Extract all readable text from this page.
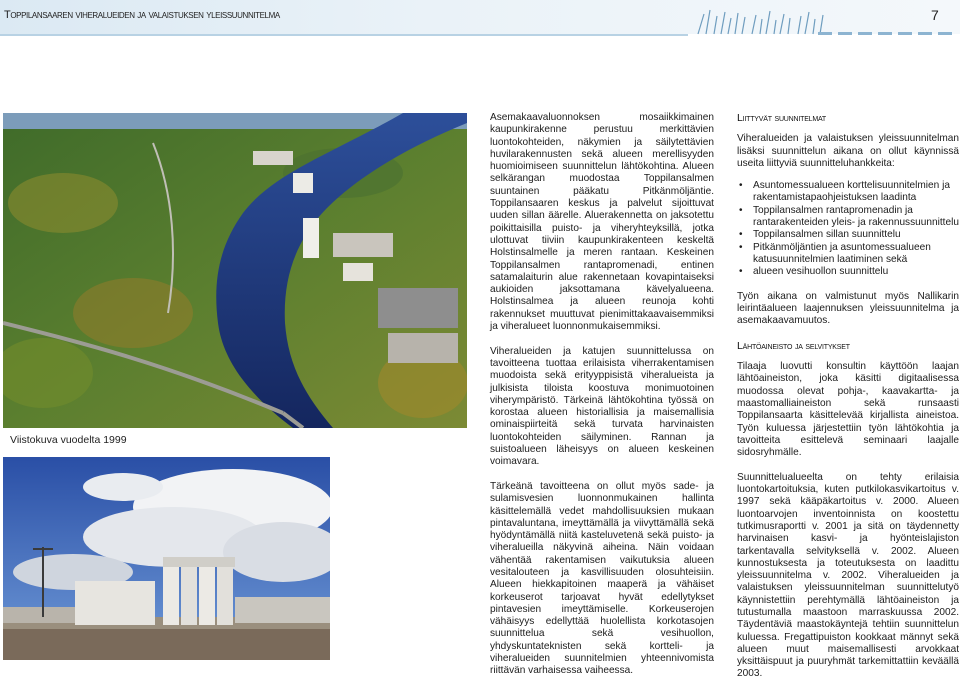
Toppilansaaren viheralueiden ja valaistuksen yleissuunnitelma	7
Viistokuva vuodelta 1999

Asemakaavaluonnoksen mosaiikkimainen kaupunkirakenne perustuu merkittävien luontokohteiden, näkymien ja säilytettävien huvilarakennusten sekä alueen merellisyyden huomioimiseen suunnittelun lähtökohtina. Alueen selkärangan muodostaa Toppilansalmen suuntainen pääkatu Pitkänmöljäntie. Toppilansaaren keskus ja palvelut sijoittuvat uuden sillan äärelle. Aluerakennetta on jaksotettu poikittaisilla puisto- ja viheryhteyksillä, jotka ulottuvat tiiviin kaupunkirakenteen keskeltä Holstinsalmelle ja meren rantaan. Keskeinen Toppilansalmen rantapromenadi, entinen satamalaiturin alue rakennetaan kovapintaiseksi aukioiden jaksottamana kävelyalueena. Holstinsalmea ja alueen reunoja kohti rakennukset muuttuvat pienimittakaavaisemmiksi ja viheralueet luonnonmukaisemmiksi.

Viheralueiden ja katujen suunnittelussa on tavoitteena tuottaa erilaisista viherrakentamisen muodoista sekä erityyppisistä viheralueista ja julkisista tiloista koostuva monimuotoinen viherympäristö. Tärkeinä lähtökohtina työssä on korostaa alueen historiallisia ja maisemallisia ominaispiirteitä sekä turvata harvinaisten luontokohteiden säilyminen. Rannan ja suistoalueen läheisyys on alueen keskeinen voimavara.

Tärkeänä tavoitteena on ollut myös sade- ja sulamisvesien luonnonmukainen hallinta käsittelemällä vedet mahdollisuuksien mukaan pintavaluntana, imeyttämällä ja viivyttämällä sekä hyödyntämällä niitä kasteluvetenä sekä puisto- ja viheralueilla näkyvinä aiheina. Näin voidaan vähentää rakentamisen vaikutuksia alueen vesitalouteen ja kasvillisuuden olosuhteisiin. Alueen hiekkapitoinen maaperä ja vähäiset korkeuserot tarjoavat hyvät edellytykset pintavesien imeyttämiselle. Korkeuserojen vähäisyys edellyttää huolellista korkotasojen suunnittelua sekä vesihuollon, yhdyskuntateknisten sekä kortteli- ja viheralueiden suunnitelmien yhteennivomista riittävän varhaisessa vaiheessa.

Liittyvät suunnitelmat

Viheralueiden ja valaistuksen yleissuunnitelman lisäksi suunnittelun aikana on ollut käynnissä useita liittyviä suunnitteluhankkeita:

• Asuntomessualueen korttelisuunnitelmien ja rakentamistapaohjeistuksen laadinta
• Toppilansalmen rantapromenadin ja rantarakenteiden yleis- ja rakennussuunnittelu
• Toppilansalmen sillan suunnittelu
• Pitkänmöljäntien ja asuntomessualueen katusuunnitelmien laatiminen sekä
• alueen vesihuollon suunnittelu

Työn aikana on valmistunut myös Nallikarin leirintäalueen laajennuksen yleissuunnitelma ja asemakaavamuutos.

Lähtöaineisto ja selvitykset

Tilaaja luovutti konsultin käyttöön laajan lähtöaineiston, joka käsitti digitaalisessa muodossa olevat pohja-, kaavakartta- ja maastomalliaineiston sekä runsaasti Toppilansaarta käsittelevää kirjallista aineistoa. Työn kuluessa järjestettiin työn lähtökohtia ja tavoitteita esittelevä seminaari laajalle sidosryhmälle.

Suunnittelualueelta on tehty erilaisia luontokartoituksia, kuten putkilokasvikartoitus v. 1997 sekä kääpäkartoitus v. 2000. Alueen luontoarvojen inventoinnista on koostettu tutkimusraportti v. 2001 ja sitä on täydennetty harvinaisen kasvi- ja hyönteislajiston tarkentavalla selvityksellä v. 2002. Alueen kunnostuksesta ja toteutuksesta on laadittu yleissuunnitelma v. 2002. Viheralueiden ja valaistuksen yleissuunnitelman suunnittelutyö käynnistettiin perehtymällä lähtöaineiston ja tutustumalla maastoon marraskuussa 2002. Täydentäviä maastokäyntejä tehtiin suunnittelun kuluessa. Fregattipuiston kookkaat männyt sekä alueen muut maisemallisesti arvokkaat yksittäispuut ja puuryhmät tarkemittattiin keväällä 2003.
